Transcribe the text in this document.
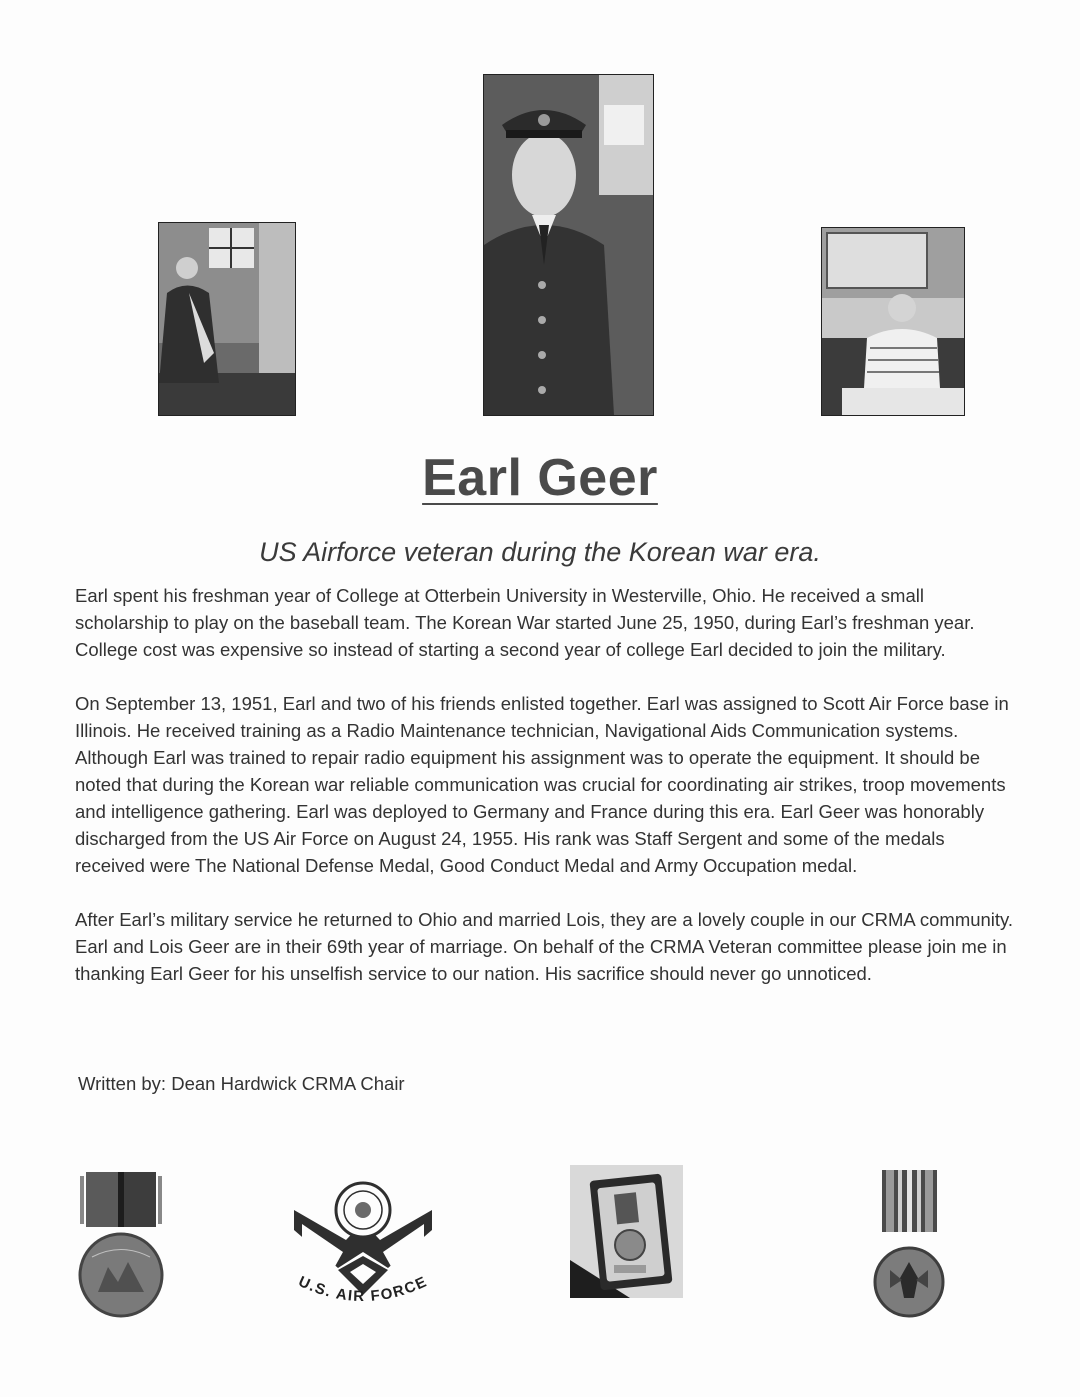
Earl Geer
US Airforce veteran during the Korean war era.

Earl spent his freshman year of College at Otterbein University in Westerville, Ohio. He received a small scholarship to play on the baseball team. The Korean War started June 25, 1950, during Earl’s freshman year. College cost was expensive so instead of starting a second year of college Earl decided to join the military.

On September 13, 1951, Earl and two of his friends enlisted together. Earl was assigned to Scott Air Force base in Illinois. He received training as a Radio Maintenance technician, Navigational Aids Communication systems. Although Earl was trained to repair radio equipment his assignment was to operate the equipment. It should be noted that during the Korean war reliable communication was crucial for coordinating air strikes, troop movements and intelligence gathering. Earl was deployed to Germany and France during this era. Earl Geer was honorably discharged from the US Air Force on August 24, 1955. His rank was Staff Sergent and some of the medals received were The National Defense Medal, Good Conduct Medal and Army Occupation medal.

After Earl’s military service he returned to Ohio and married Lois, they are a lovely couple in our CRMA community. Earl and Lois Geer are in their 69th year of marriage. On behalf of the CRMA Veteran committee please join me in thanking Earl Geer for his unselfish service to our nation. His sacrifice should never go unnoticed.

Written by: Dean Hardwick CRMA Chair
U.S. AIR FORCE
